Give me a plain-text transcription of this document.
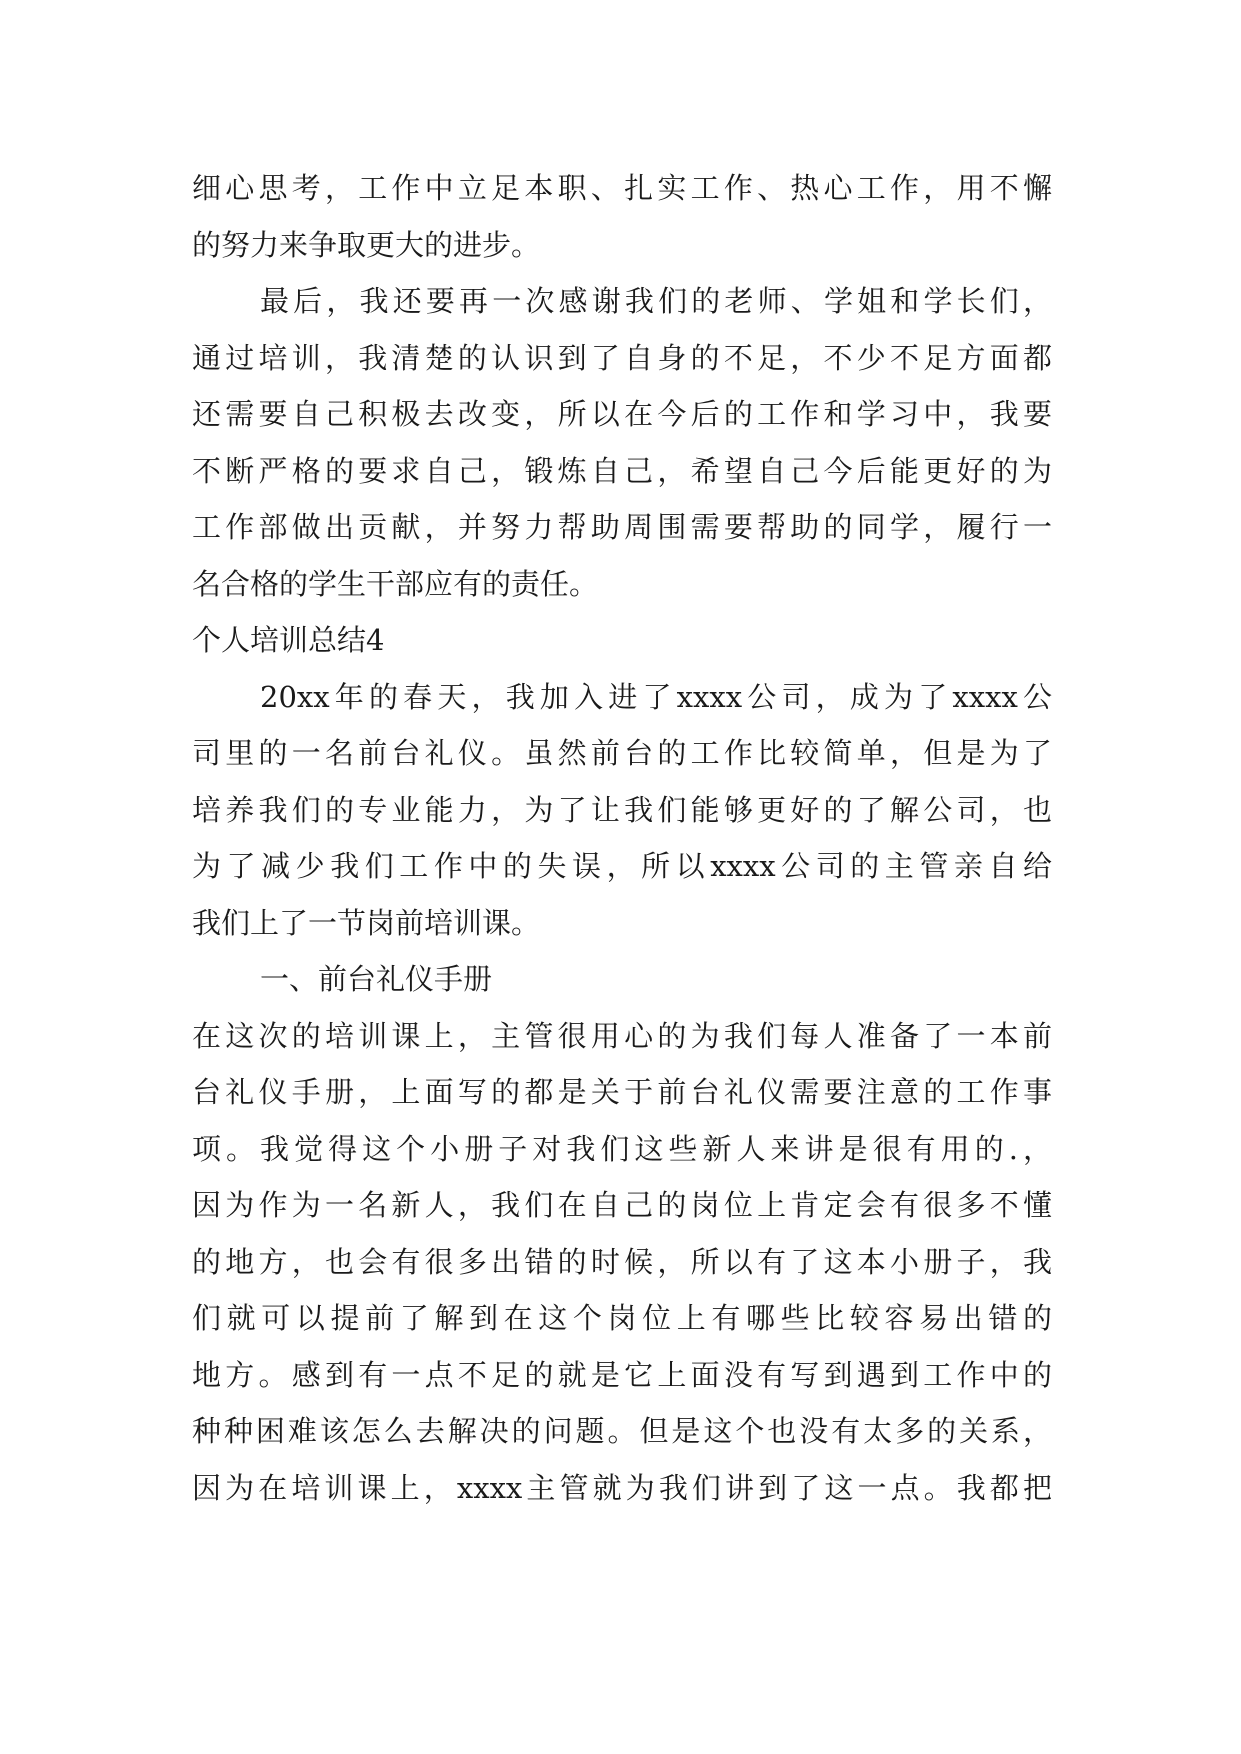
细心思考，工作中立足本职、扎实工作、热心工作，用不懈
的努力来争取更大的进步。
最后，我还要再一次感谢我们的老师、学姐和学长们，
通过培训，我清楚的认识到了自身的不足，不少不足方面都
还需要自己积极去改变，所以在今后的工作和学习中，我要
不断严格的要求自己，锻炼自己，希望自己今后能更好的为
工作部做出贡献，并努力帮助周围需要帮助的同学，履行一
名合格的学生干部应有的责任。
个人培训总结4
20xx年的春天，我加入进了xxxx公司，成为了xxxx公
司里的一名前台礼仪。虽然前台的工作比较简单，但是为了
培养我们的专业能力，为了让我们能够更好的了解公司，也
为了减少我们工作中的失误，所以xxxx公司的主管亲自给
我们上了一节岗前培训课。
一、前台礼仪手册
在这次的培训课上，主管很用心的为我们每人准备了一本前
台礼仪手册，上面写的都是关于前台礼仪需要注意的工作事
项。我觉得这个小册子对我们这些新人来讲是很有用的.，
因为作为一名新人，我们在自己的岗位上肯定会有很多不懂
的地方，也会有很多出错的时候，所以有了这本小册子，我
们就可以提前了解到在这个岗位上有哪些比较容易出错的
地方。感到有一点不足的就是它上面没有写到遇到工作中的
种种困难该怎么去解决的问题。但是这个也没有太多的关系，
因为在培训课上，xxxx主管就为我们讲到了这一点。我都把
